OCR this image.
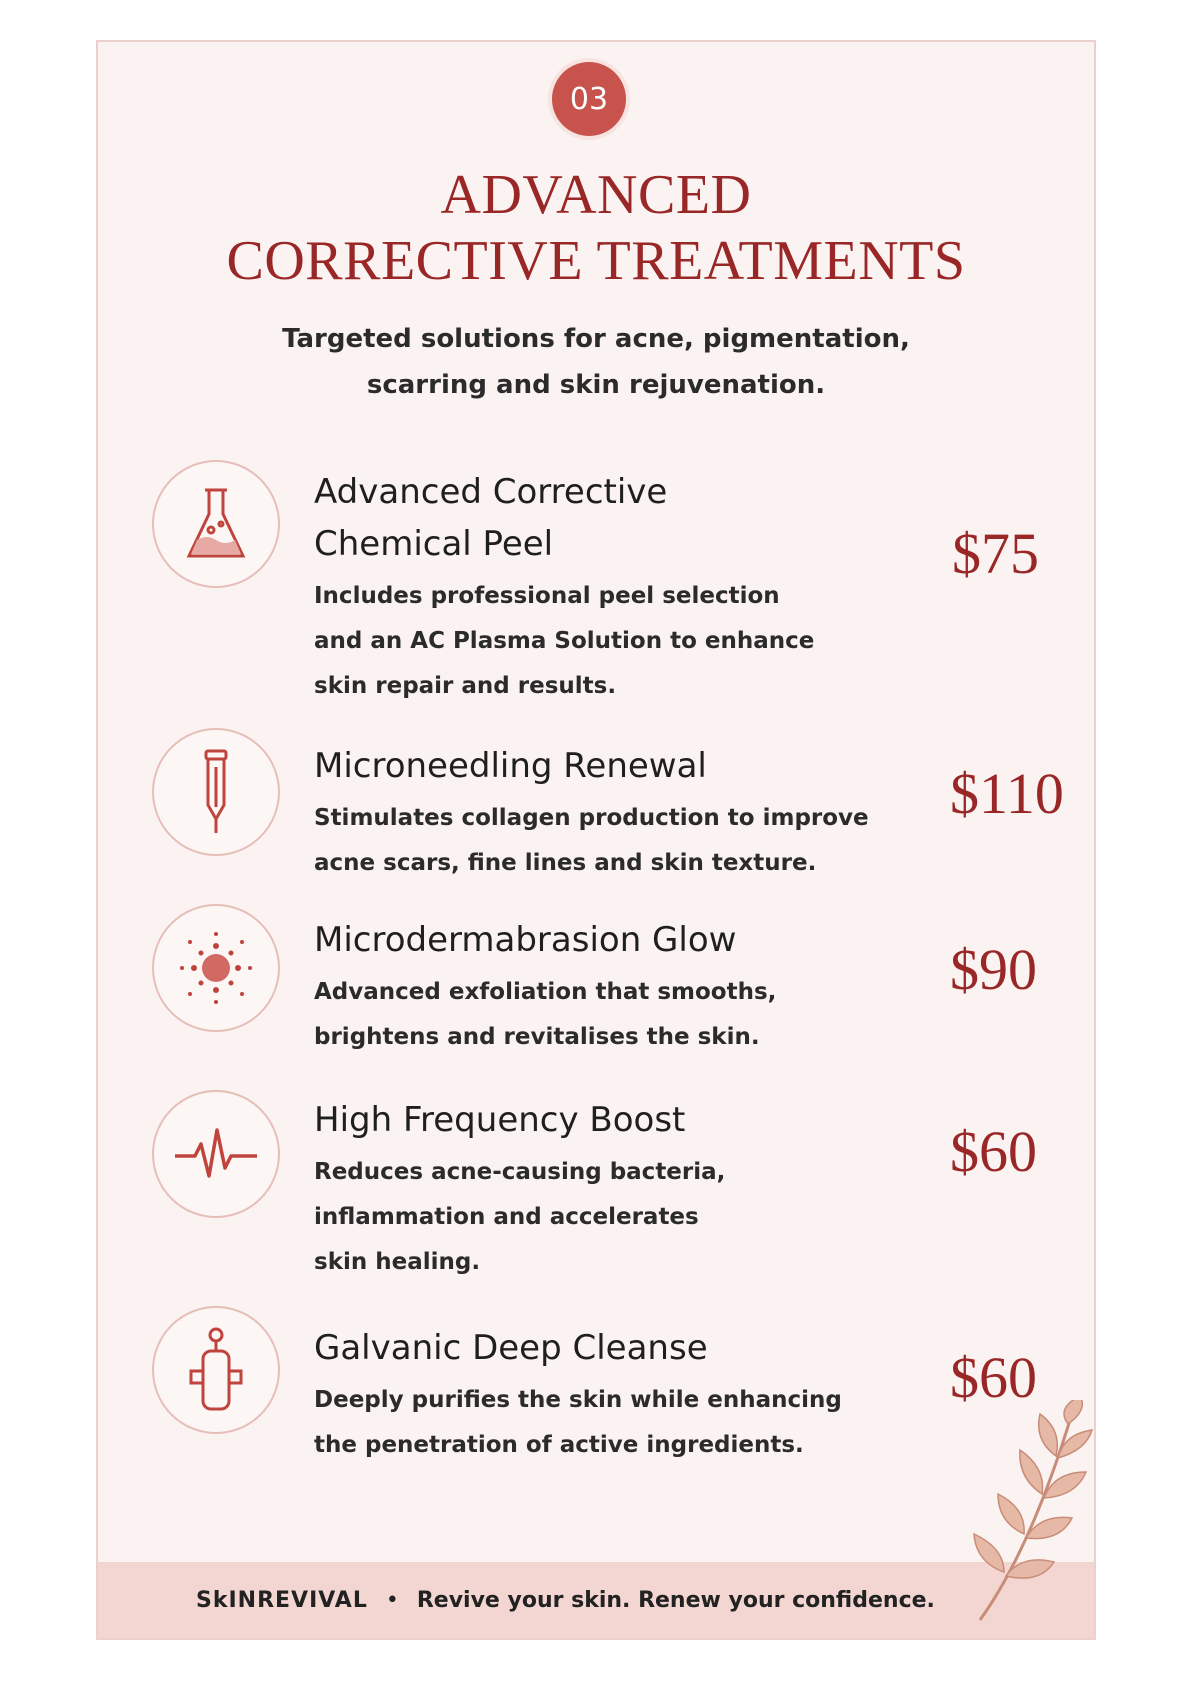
03
ADVANCED
CORRECTIVE TREATMENTS
Targeted solutions for acne, pigmentation,
scarring and skin rejuvenation.
Advanced Corrective
Chemical Peel
Includes professional peel selection
and an AC Plasma Solution to enhance
skin repair and results.
$75
Microneedling Renewal
Stimulates collagen production to improve
acne scars, fine lines and skin texture.
$110
Microdermabrasion Glow
Advanced exfoliation that smooths,
brightens and revitalises the skin.
$90
High Frequency Boost
Reduces acne-causing bacteria,
inflammation and accelerates
skin healing.
$60
Galvanic Deep Cleanse
Deeply purifies the skin while enhancing
the penetration of active ingredients.
$60
SkINREVIVAL • Revive your skin. Renew your confidence.
